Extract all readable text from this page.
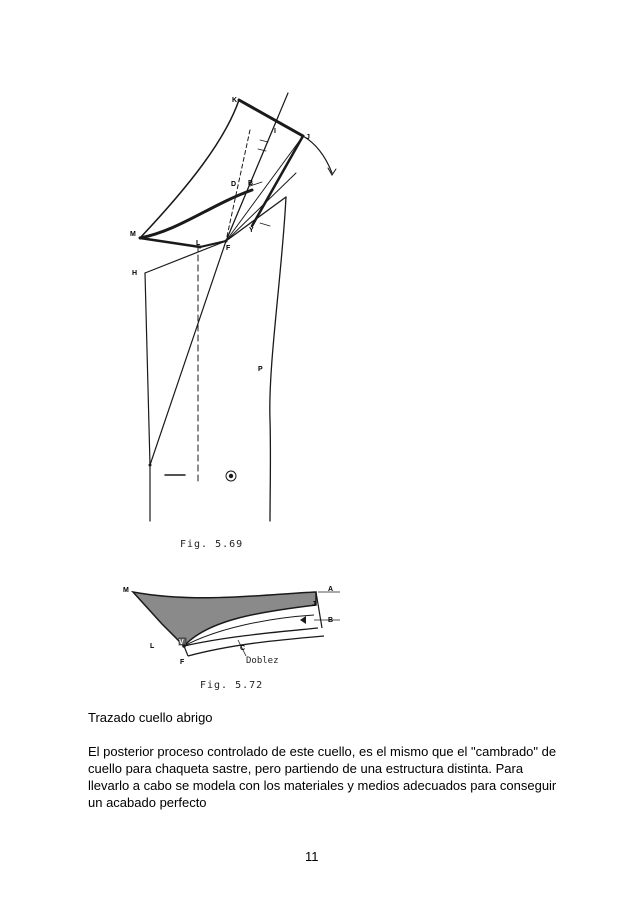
K
I
J
D B
Y
M
L
F
H
P
Fig. 5.69
M	A
J
B
L
V
C
F	Doblez
Fig. 5.72
Trazado cuello abrigo
El posterior proceso controlado de este cuello, es el mismo que el "cambrado" de cuello para chaqueta sastre, pero partiendo de una estructura distinta. Para llevarlo a cabo se modela con los materiales y medios adecuados para conseguir un acabado perfecto
11
